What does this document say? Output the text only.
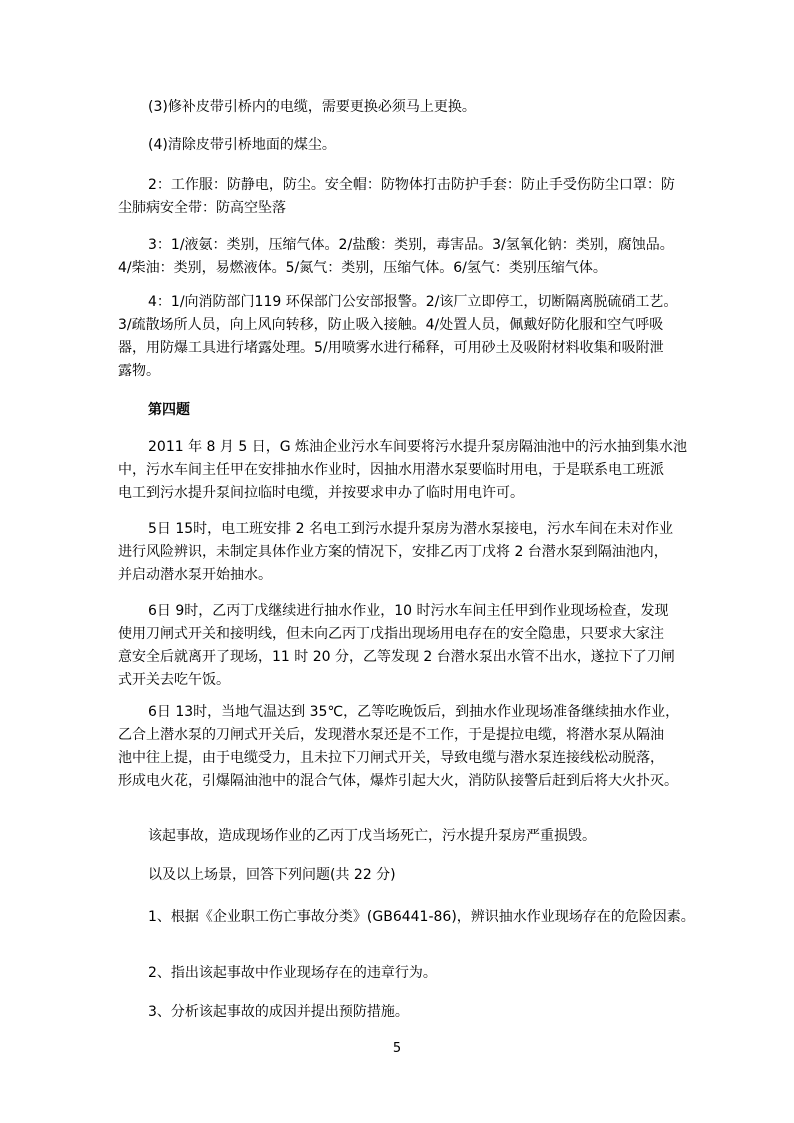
(3)修补皮带引桥内的电缆，需要更换必须马上更换。
(4)清除皮带引桥地面的煤尘。
2：工作服：防静电，防尘。安全帽：防物体打击防护手套：防止手受伤防尘口罩：防
尘肺病安全带：防高空坠落
3：1/液氨：类别，压缩气体。2/盐酸：类别，毒害品。3/氢氧化钠：类别，腐蚀品。
4/柴油：类别，易燃液体。5/氮气：类别，压缩气体。6/氢气：类别压缩气体。
4：1/向消防部门119 环保部门公安部报警。2/该厂立即停工，切断隔离脱硫硝工艺。
3/疏散场所人员，向上风向转移，防止吸入接触。4/处置人员，佩戴好防化服和空气呼吸
器，用防爆工具进行堵露处理。5/用喷雾水进行稀释，可用砂土及吸附材料收集和吸附泄
露物。
第四题
2011 年 8 月 5 日，G 炼油企业污水车间要将污水提升泵房隔油池中的污水抽到集水池
中，污水车间主任甲在安排抽水作业时，因抽水用潜水泵要临时用电，于是联系电工班派
电工到污水提升泵间拉临时电缆，并按要求申办了临时用电许可。
5日 15时，电工班安排 2 名电工到污水提升泵房为潜水泵接电，污水车间在未对作业
进行风险辨识，未制定具体作业方案的情况下，安排乙丙丁戊将 2 台潜水泵到隔油池内，
并启动潜水泵开始抽水。
6日 9时，乙丙丁戊继续进行抽水作业，10 时污水车间主任甲到作业现场检查，发现
使用刀闸式开关和接明线，但未向乙丙丁戊指出现场用电存在的安全隐患，只要求大家注
意安全后就离开了现场，11 时 20 分，乙等发现 2 台潜水泵出水管不出水，遂拉下了刀闸
式开关去吃午饭。
6日 13时，当地气温达到 35℃，乙等吃晚饭后，到抽水作业现场准备继续抽水作业，
乙合上潜水泵的刀闸式开关后，发现潜水泵还是不工作，于是提拉电缆，将潜水泵从隔油
池中往上提，由于电缆受力，且未拉下刀闸式开关，导致电缆与潜水泵连接线松动脱落，
形成电火花，引爆隔油池中的混合气体，爆炸引起大火，消防队接警后赶到后将大火扑灭。
该起事故，造成现场作业的乙丙丁戊当场死亡，污水提升泵房严重损毁。
以及以上场景，回答下列问题(共 22 分)
1、根据《企业职工伤亡事故分类》(GB6441-86)，辨识抽水作业现场存在的危险因素。
2、指出该起事故中作业现场存在的违章行为。
3、分析该起事故的成因并提出预防措施。
5
